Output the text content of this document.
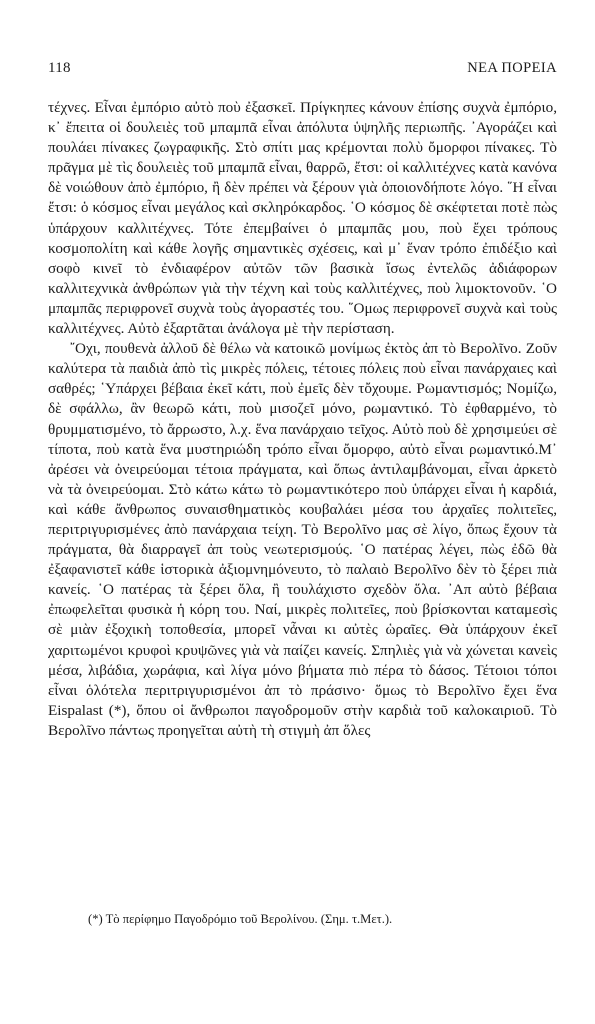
118	ΝΕΑ ΠΟΡΕΙΑ

τέχνες. Εἶναι ἐμπόριο αὐτὸ ποὺ ἐξασκεῖ. Πρίγκηπες κάνουν ἐπίσης συχνὰ ἐμπόριο, κ᾽ ἔπειτα οἱ δουλειὲς τοῦ μπαμπᾶ εἶναι ἀπόλυτα ὑψηλῆς περιωπῆς. ᾽Αγοράζει καὶ πουλάει πίνακες ζωγραφικῆς. Στὸ σπίτι μας κρέμονται πολὺ ὄμορφοι πίνακες. Τὸ πρᾶγμα μὲ τὶς δουλειὲς τοῦ μπαμπᾶ εἶναι, θαρρῶ, ἔτσι: οἱ καλλιτέχνες κατὰ κανόνα δὲ νοιώθουν ἀπὸ ἐμπόριο, ἢ δὲν πρέπει νὰ ξέρουν γιὰ ὁποιονδήποτε λόγο. ῞Η εἶναι ἔτσι: ὁ κόσμος εἶναι μεγάλος καὶ σκληρόκαρδος. ῾Ο κόσμος δὲ σκέφτεται ποτὲ πὼς ὑπάρχουν καλλιτέχνες. Τότε ἐπεμβαίνει ὁ μπαμπᾶς μου, ποὺ ἔχει τρόπους κοσμοπολίτη καὶ κάθε λογῆς σημαντικὲς σχέσεις, καὶ μ᾽ ἕναν τρόπο ἐπιδέξιο καὶ σοφὸ κινεῖ τὸ ἐνδιαφέρον αὐτῶν τῶν βασικὰ ἴσως ἐντελῶς ἀδιάφορων καλλιτεχνικὰ ἀνθρώπων γιὰ τὴν τέχνη καὶ τοὺς καλλιτέχνες, ποὺ λιμοκτονοῦν. ῾Ο μπαμπᾶς περιφρονεῖ συχνὰ τοὺς ἀγοραστές του. ῞Ομως περιφρονεῖ συχνὰ καὶ τοὺς καλλιτέχνες. Αὐτὸ ἐξαρτᾶται ἀνάλογα μὲ τὴν περίσταση.

῎Οχι, πουθενὰ ἀλλοῦ δὲ θέλω νὰ κατοικῶ μονίμως ἐκτὸς ἀπ τὸ Βερολῖνο. Ζοῦν καλύτερα τὰ παιδιὰ ἀπὸ τὶς μικρὲς πόλεις, τέτοιες πόλεις ποὺ εἶναι πανάρχαιες καὶ σαθρές; ῾Υπάρχει βέβαια ἐκεῖ κάτι, ποὺ ἐμεῖς δὲν τὄχουμε. Ρωμαντισμός; Νομίζω, δὲ σφάλλω, ἂν θεωρῶ κάτι, ποὺ μισοζεῖ μόνο, ρωμαντικό. Τὸ ἐφθαρμένο, τὸ θρυμματισμένο, τὸ ἄρρωστο, λ.χ. ἕνα πανάρχαιο τεῖχος. Αὐτὸ ποὺ δὲ χρησιμεύει σὲ τίποτα, ποὺ κατὰ ἕνα μυστηριώδη τρόπο εἶναι ὄμορφο, αὐτὸ εἶναι ρωμαντικό.Μ᾽ ἀρέσει νὰ ὀνειρεύομαι τέτοια πράγματα, καὶ ὅπως ἀντιλαμβάνομαι, εἶναι ἀρκετὸ νὰ τὰ ὀνειρεύομαι. Στὸ κάτω κάτω τὸ ρωμαντικότερο ποὺ ὑπάρχει εἶναι ἡ καρδιά, καὶ κάθε ἄνθρωπος συναισθηματικὸς κουβαλάει μέσα του ἀρχαῖες πολιτεῖες, περιτριγυρισμένες ἀπὸ πανάρχαια τείχη. Τὸ Βερολῖνο μας σὲ λίγο, ὅπως ἔχουν τὰ πράγματα, θὰ διαρραγεῖ ἀπ τοὺς νεωτερισμούς. ῾Ο πατέρας λέγει, πὼς ἐδῶ θὰ ἐξαφανιστεῖ κάθε ἱστορικὰ ἀξιομνημόνευτο, τὸ παλαιὸ Βερολῖνο δὲν τὸ ξέρει πιὰ κανείς. ῾Ο πατέρας τὰ ξέρει ὅλα, ἢ τουλάχιστο σχεδὸν ὅλα. ᾽Απ αὐτὸ βέβαια ἐπωφελεῖται φυσικὰ ἡ κόρη του. Ναί, μικρὲς πολιτεῖες, ποὺ βρίσκονται καταμεσὶς σὲ μιὰν ἐξοχικὴ τοποθεσία, μπορεῖ νἆναι κι αὐτὲς ὡραῖες. Θὰ ὑπάρχουν ἐκεῖ χαριτωμένοι κρυφοὶ κρυψῶνες γιὰ νὰ παίζει κανείς. Σπηλιὲς γιὰ νὰ χώνεται κανεὶς μέσα, λιβάδια, χωράφια, καὶ λίγα μόνο βήματα πιὸ πέρα τὸ δάσος. Τέτοιοι τόποι εἶναι ὁλότελα περιτριγυρισμένοι ἀπ τὸ πράσινο· ὅμως τὸ Βερολῖνο ἔχει ἕνα Eispalast (*), ὅπου οἱ ἄνθρωποι παγοδρομοῦν στὴν καρδιὰ τοῦ καλοκαιριοῦ. Τὸ Βερολῖνο πάντως προηγεῖται αὐτὴ τὴ στιγμὴ ἀπ ὅλες

(*) Τὸ περίφημο Παγοδρόμιο τοῦ Βερολίνου. (Σημ. τ.Μετ.).
